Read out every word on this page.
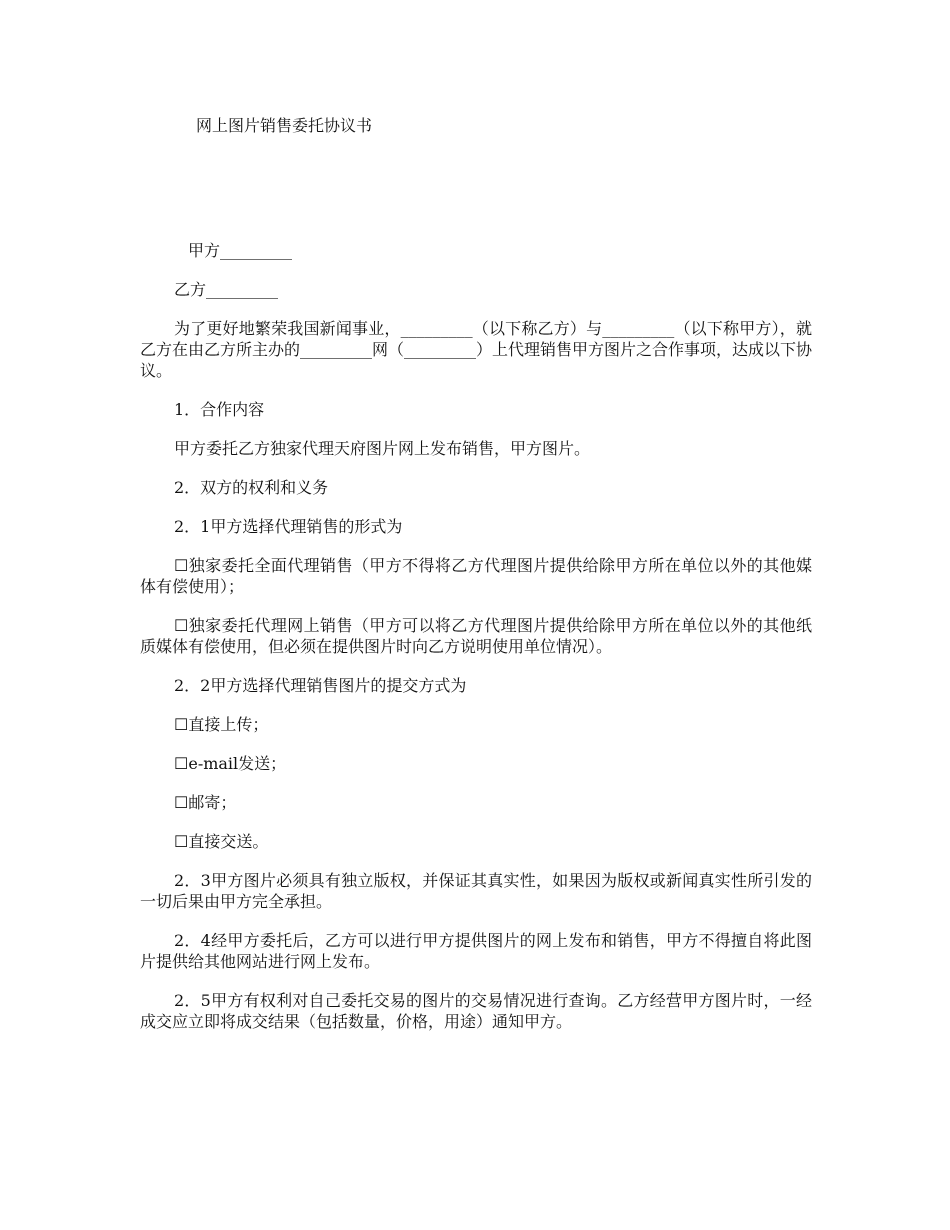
网上图片销售委托协议书

甲方_________

乙方_________

为了更好地繁荣我国新闻事业，_________（以下称乙方）与_________（以下称甲方），就乙方在由乙方所主办的_________网（_________）上代理销售甲方图片之合作事项，达成以下协议。

1．合作内容

甲方委托乙方独家代理天府图片网上发布销售，甲方图片。

2．双方的权利和义务

2．1甲方选择代理销售的形式为

☐独家委托全面代理销售（甲方不得将乙方代理图片提供给除甲方所在单位以外的其他媒体有偿使用）；

☐独家委托代理网上销售（甲方可以将乙方代理图片提供给除甲方所在单位以外的其他纸质媒体有偿使用，但必须在提供图片时向乙方说明使用单位情况）。

2．2甲方选择代理销售图片的提交方式为

☐直接上传；

☐e-mail发送；

☐邮寄；

☐直接交送。

2．3甲方图片必须具有独立版权，并保证其真实性，如果因为版权或新闻真实性所引发的一切后果由甲方完全承担。

2．4经甲方委托后，乙方可以进行甲方提供图片的网上发布和销售，甲方不得擅自将此图片提供给其他网站进行网上发布。

2．5甲方有权利对自己委托交易的图片的交易情况进行查询。乙方经营甲方图片时，一经成交应立即将成交结果（包括数量，价格，用途）通知甲方。
